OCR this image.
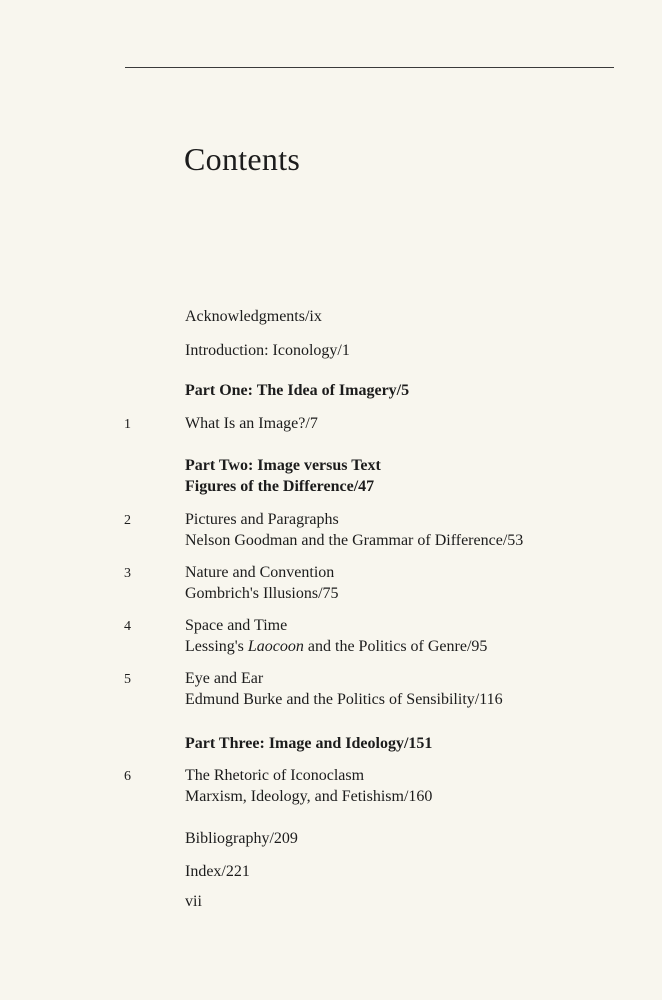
Contents
Acknowledgments/ix
Introduction: Iconology/1
Part One: The Idea of Imagery/5
1	What Is an Image?/7
Part Two: Image versus Text
Figures of the Difference/47
2	Pictures and Paragraphs
Nelson Goodman and the Grammar of Difference/53
3	Nature and Convention
Gombrich's Illusions/75
4	Space and Time
Lessing's Laocoon and the Politics of Genre/95
5	Eye and Ear
Edmund Burke and the Politics of Sensibility/116
Part Three: Image and Ideology/151
6	The Rhetoric of Iconoclasm
Marxism, Ideology, and Fetishism/160
Bibliography/209
Index/221
vii
